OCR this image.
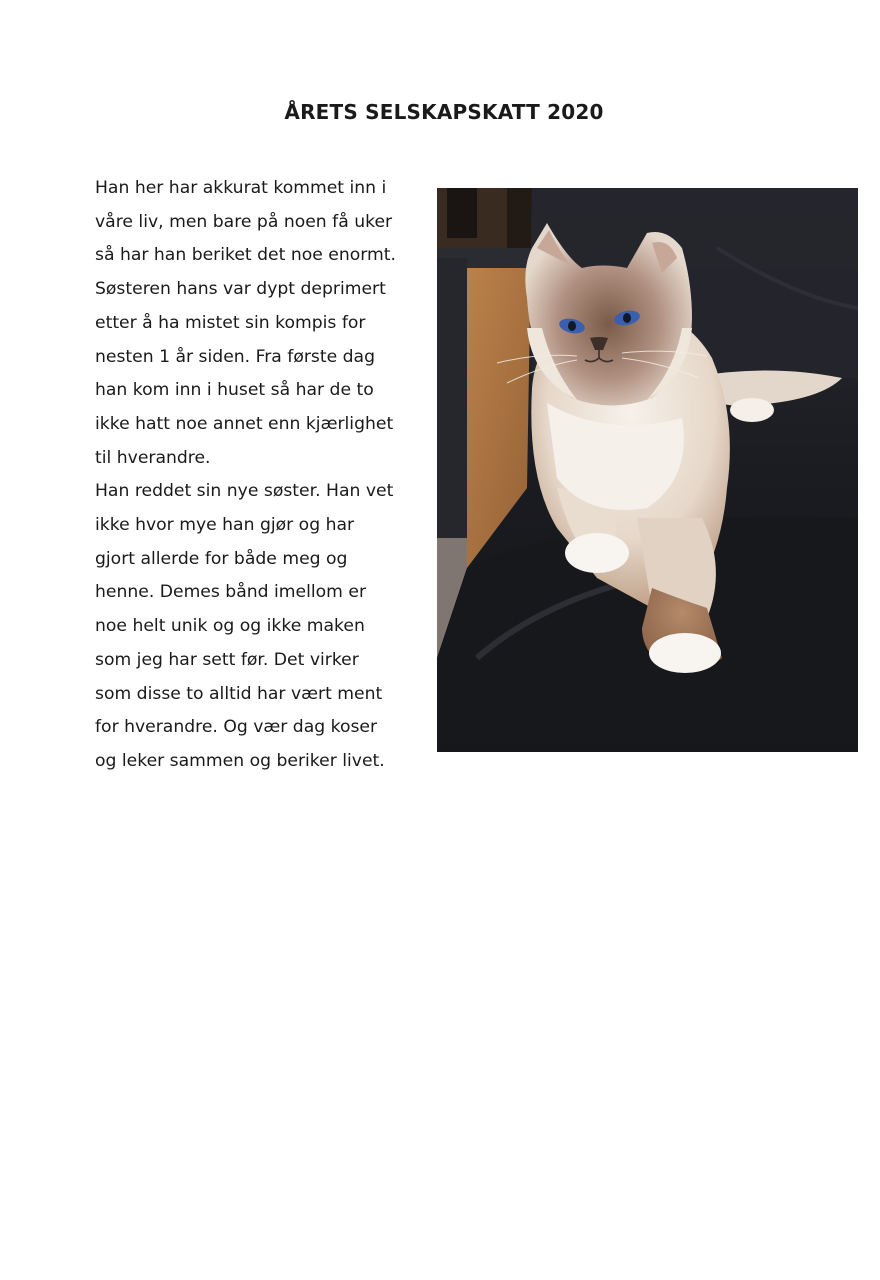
ÅRETS SELSKAPSKATT 2020
Han her har akkurat kommet inn i
våre liv, men bare på noen få uker
så har han beriket det noe enormt.
Søsteren hans var dypt deprimert
etter å ha mistet sin kompis for
nesten 1 år siden. Fra første dag
han kom inn i huset så har de to
ikke hatt noe annet enn kjærlighet
til hverandre.
Han reddet sin nye søster. Han vet
ikke hvor mye han gjør og har
gjort allerde for både meg og
henne. Demes bånd imellom er
noe helt unik og og ikke maken
som jeg har sett før. Det virker
som disse to alltid har vært ment
for hverandre. Og vær dag koser
og leker sammen og beriker livet.
